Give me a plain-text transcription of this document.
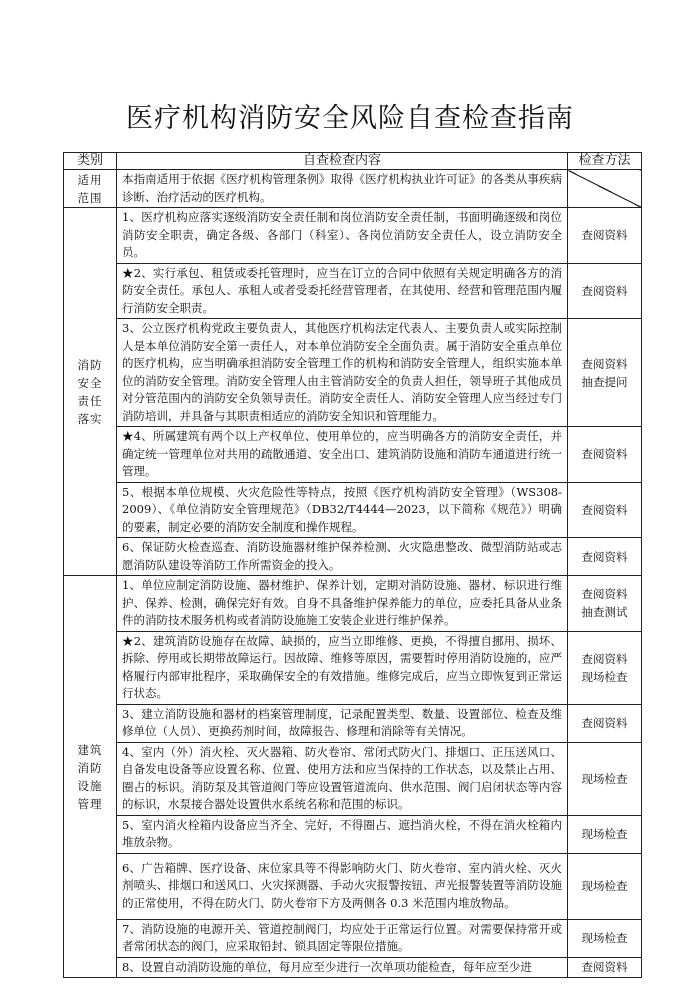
医疗机构消防安全风险自查检查指南
类别	自查检查内容	检查方法
适用范围	本指南适用于依据《医疗机构管理条例》取得《医疗机构执业许可证》的各类从事疾病诊断、治疗活动的医疗机构。	
消防安全责任落实	1、医疗机构应落实逐级消防安全责任制和岗位消防安全责任制，书面明确逐级和岗位消防安全职责，确定各级、各部门（科室）、各岗位消防安全责任人，设立消防安全员。	查阅资料

	★2、实行承包、租赁或委托管理时，应当在订立的合同中依照有关规定明确各方的消防安全责任。承包人、承租人或者受委托经营管理者，在其使用、经营和管理范围内履行消防安全职责。	查阅资料

	3、公立医疗机构党政主要负责人，其他医疗机构法定代表人、主要负责人或实际控制人是本单位消防安全第一责任人，对本单位消防安全全面负责。属于消防安全重点单位的医疗机构，应当明确承担消防安全管理工作的机构和消防安全管理人，组织实施本单位的消防安全管理。消防安全管理人由主管消防安全的负责人担任，领导班子其他成员对分管范围内的消防安全负领导责任。消防安全责任人、消防安全管理人应当经过专门消防培训，并具备与其职责相适应的消防安全知识和管理能力。	查阅资料
抽查提问

	★4、所属建筑有两个以上产权单位、使用单位的，应当明确各方的消防安全责任，并确定统一管理单位对共用的疏散通道、安全出口、建筑消防设施和消防车通道进行统一管理。	查阅资料

	5、根据本单位规模、火灾危险性等特点，按照《医疗机构消防安全管理》（WS308-2009）、《单位消防安全管理规范》（DB32/T4444—2023，以下简称《规范》）明确的要素，制定必要的消防安全制度和操作规程。	查阅资料

	6、保证防火检查巡查、消防设施器材维护保养检测、火灾隐患整改、微型消防站或志愿消防队建设等消防工作所需资金的投入。	查阅资料

建筑消防设施管理	1、单位应制定消防设施、器材维护、保养计划，定期对消防设施、器材、标识进行维护、保养、检测，确保完好有效。自身不具备维护保养能力的单位，应委托具备从业条件的消防技术服务机构或者消防设施施工安装企业进行维护保养。	查阅资料
抽查测试

	★2、建筑消防设施存在故障、缺损的，应当立即维修、更换，不得擅自挪用、损坏、拆除、停用或长期带故障运行。因故障、维修等原因，需要暂时停用消防设施的，应严格履行内部审批程序，采取确保安全的有效措施。维修完成后，应当立即恢复到正常运行状态。	查阅资料
现场检查

	3、建立消防设施和器材的档案管理制度，记录配置类型、数量、设置部位、检查及维修单位（人员）、更换药剂时间，故障报告、修理和消除等有关情况。	查阅资料

	4、室内（外）消火栓、灭火器箱、防火卷帘、常闭式防火门、排烟口、正压送风口、自备发电设备等应设置名称、位置、使用方法和应当保持的工作状态，以及禁止占用、圈占的标识。消防泵及其管道阀门等应设置管道流向、供水范围、阀门启闭状态等内容的标识，水泵接合器处设置供水系统名称和范围的标识。	现场检查

	5、室内消火栓箱内设备应当齐全、完好，不得圈占、遮挡消火栓，不得在消火栓箱内堆放杂物。	现场检查

	6、广告箱牌、医疗设备、床位家具等不得影响防火门、防火卷帘、室内消火栓、灭火剂喷头、排烟口和送风口、火灾探测器、手动火灾报警按钮、声光报警装置等消防设施的正常使用，不得在防火门、防火卷帘下方及两侧各 0.3 米范围内堆放物品。	现场检查

	7、消防设施的电源开关、管道控制阀门，均应处于正常运行位置。对需要保持常开或者常闭状态的阀门，应采取铅封、锁具固定等限位措施。	现场检查

	8、设置自动消防设施的单位，每月应至少进行一次单项功能检查，每年应至少进	查阅资料
